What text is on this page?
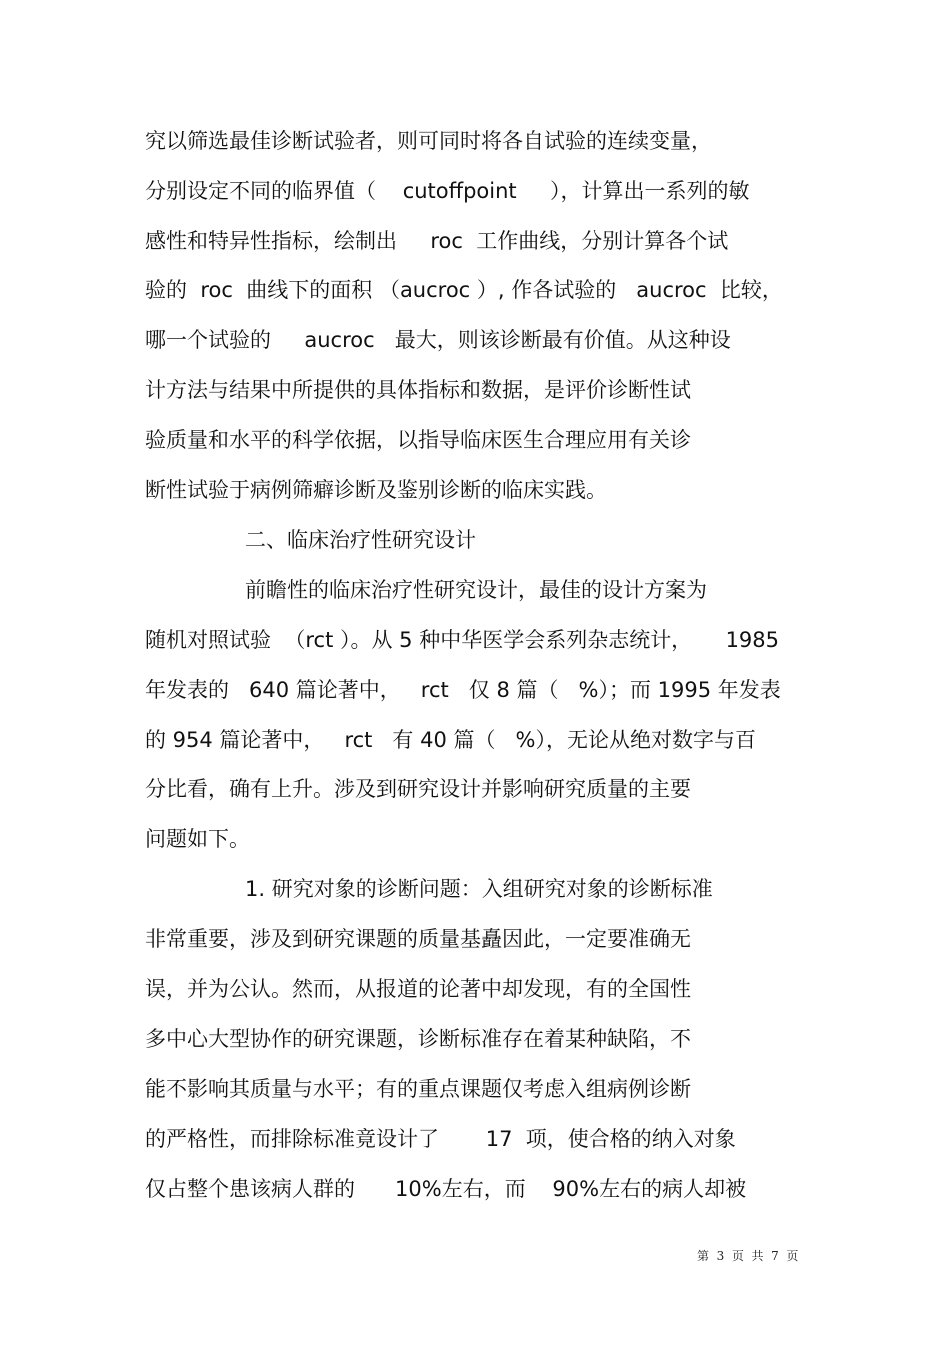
究以筛选最佳诊断试验者，则可同时将各自试验的连续变量，
分别设定不同的临界值（    cutoffpoint     ），计算出一系列的敏
感性和特异性指标，绘制出     roc  工作曲线，分别计算各个试
验的  roc  曲线下的面积 （aucroc ）, 作各试验的   aucroc  比较，
哪一个试验的     aucroc   最大，则该诊断最有价值。从这种设
计方法与结果中所提供的具体指标和数据，是评价诊断性试
验质量和水平的科学依据，以指导临床医生合理应用有关诊
断性试验于病例筛癖诊断及鉴别诊断的临床实践。
二、临床治疗性研究设计
前瞻性的临床治疗性研究设计，最佳的设计方案为
随机对照试验  （rct ）。从 5 种中华医学会系列杂志统计，     1985
年发表的   640 篇论著中，   rct   仅 8 篇（   %）；而 1995 年发表
的 954 篇论著中，   rct   有 40 篇（   %），无论从绝对数字与百
分比看，确有上升。涉及到研究设计并影响研究质量的主要
问题如下。
1. 研究对象的诊断问题：入组研究对象的诊断标准
非常重要，涉及到研究课题的质量基矗因此，一定要准确无
误，并为公认。然而，从报道的论著中却发现，有的全国性
多中心大型协作的研究课题，诊断标准存在着某种缺陷，不
能不影响其质量与水平；有的重点课题仅考虑入组病例诊断
的严格性，而排除标准竟设计了       17  项，使合格的纳入对象
仅占整个患该病人群的      10%左右，而    90%左右的病人却被
第  3  页  共  7  页
